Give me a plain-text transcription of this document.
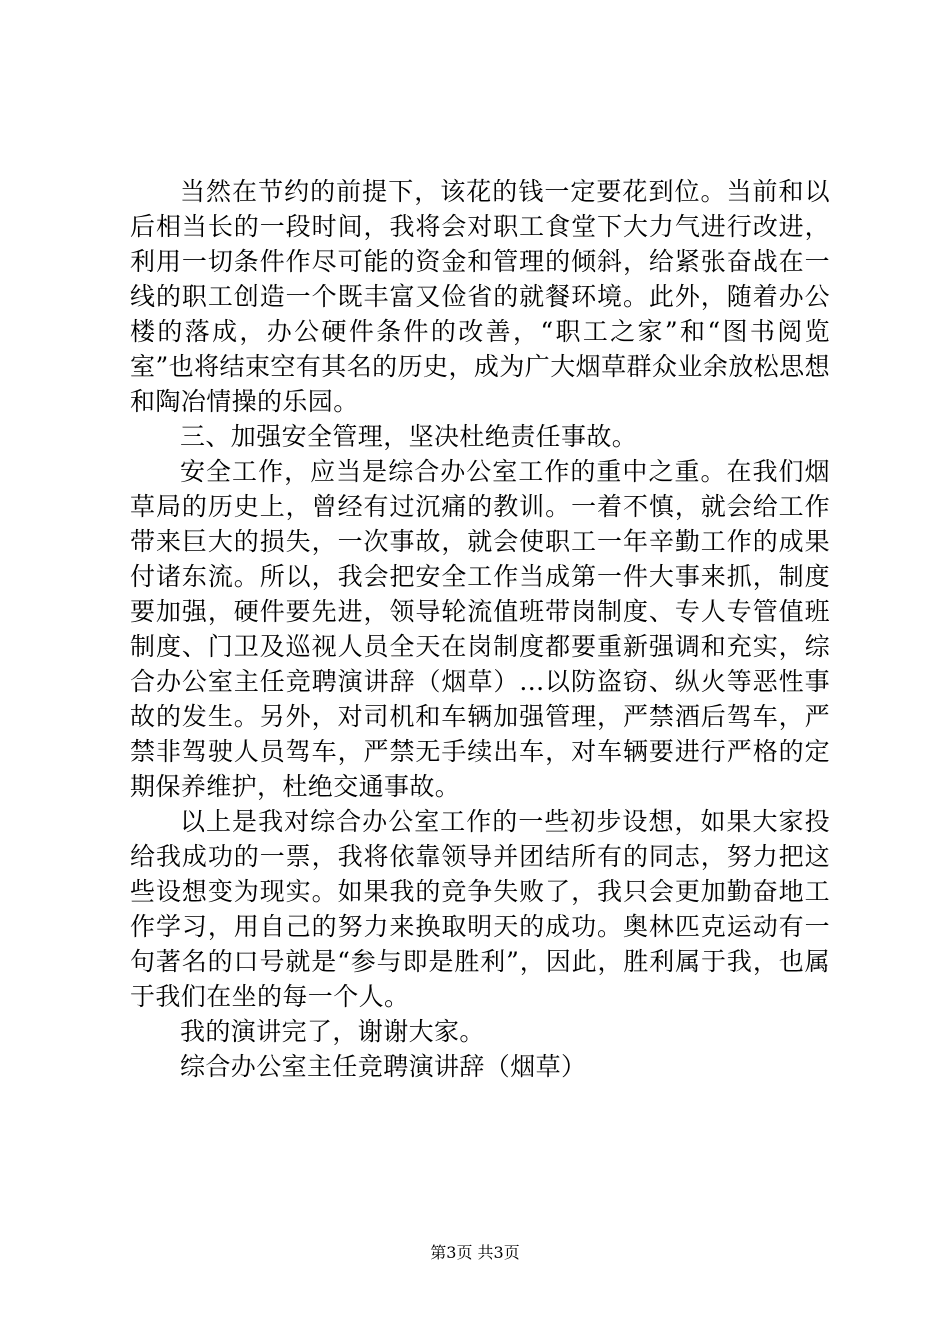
当然在节约的前提下，该花的钱一定要花到位。当前和以后相当长的一段时间，我将会对职工食堂下大力气进行改进，利用一切条件作尽可能的资金和管理的倾斜，给紧张奋战在一线的职工创造一个既丰富又俭省的就餐环境。此外，随着办公楼的落成，办公硬件条件的改善，“职工之家”和“图书阅览室”也将结束空有其名的历史，成为广大烟草群众业余放松思想和陶冶情操的乐园。

三、加强安全管理，坚决杜绝责任事故。

安全工作，应当是综合办公室工作的重中之重。在我们烟草局的历史上，曾经有过沉痛的教训。一着不慎，就会给工作带来巨大的损失，一次事故，就会使职工一年辛勤工作的成果付诸东流。所以，我会把安全工作当成第一件大事来抓，制度要加强，硬件要先进，领导轮流值班带岗制度、专人专管值班制度、门卫及巡视人员全天在岗制度都要重新强调和充实，综合办公室主任竞聘演讲辞（烟草）...以防盗窃、纵火等恶性事故的发生。另外，对司机和车辆加强管理，严禁酒后驾车，严禁非驾驶人员驾车，严禁无手续出车，对车辆要进行严格的定期保养维护，杜绝交通事故。

以上是我对综合办公室工作的一些初步设想，如果大家投给我成功的一票，我将依靠领导并团结所有的同志，努力把这些设想变为现实。如果我的竞争失败了，我只会更加勤奋地工作学习，用自己的努力来换取明天的成功。奥林匹克运动有一句著名的口号就是“参与即是胜利”，因此，胜利属于我，也属于我们在坐的每一个人。

我的演讲完了，谢谢大家。

综合办公室主任竞聘演讲辞（烟草）

第3页 共3页
